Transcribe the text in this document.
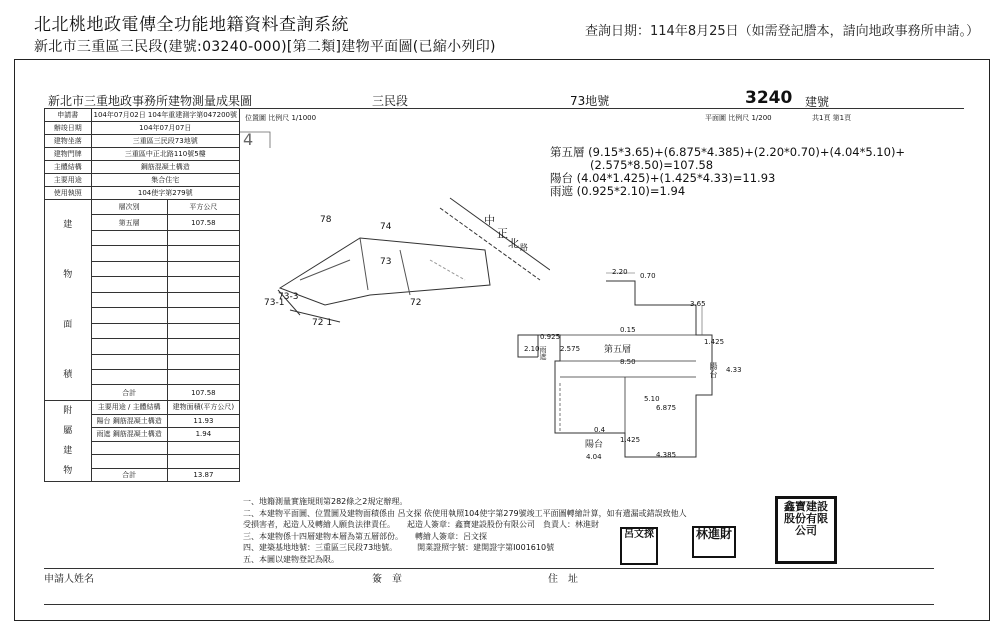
北北桃地政電傳全功能地籍資料查詢系統
新北市三重區三民段(建號:03240-000)[第二類]建物平面圖(已縮小列印)
查詢日期：114年8月25日（如需登記謄本，請向地政事務所申請。）
新北市三重地政事務所建物測量成果圖	三民段	73地號	3240 建號
位置圖 比例尺 1/1000	平面圖 比例尺 1/200	共1頁 第1頁
申請書	104年07月02日 104年重建測字第047200號	
辦竣日期	104年07月07日	
建物坐落	三重區三民段73地號	
建物門牌	三重區中正北路110號5樓	
主體結構	鋼筋混凝土構造	
主要用途	集合住宅	
使用執照	104使字第279號	

建
物
面
積	層次別	平方公尺
	第五層	107.58

	合計	107.58

附
屬
建
物	主要用途 / 主體結構	建物面積(平方公尺)
	陽台 鋼筋混凝土構造	11.93
	雨遮 鋼筋混凝土構造	1.94

	合計	13.87
第五層 (9.15*3.65)+(6.875*4.385)+(2.20*0.70)+(4.04*5.10)+
(2.575*8.50)=107.58
陽台 (4.04*1.425)+(1.425*4.33)=11.93
雨遮 (0.925*2.10)=1.94
4
78
74
73
72
73-3
73-1
72 1
中
正
北 路
2.20 0.70
3.65
0.15
0.925
2.10	2.575
1.425
8.50
4.33
5.10
6.875
0.4
1.425
4.04	4.385
第五層
陽台
陽台
雨遮
一、地籍測量實施規則第282條之2規定辦理。
二、本建物平面圖、位置圖及建物面積係由 呂文探 依使用執照104使字第279號竣工平面圖轉繪計算，如有遺漏或錯誤致他人
受損害者，起造人及轉繪人願負法律責任。　　起造人簽章：鑫寶建設股份有限公司　負責人：林進財
三、本建物係十四層建物本層為第五層部份。　　轉繪人簽章：呂文探
四、建築基地地號：三重區三民段73地號。　　　開業證照字號：建開證字第I001610號
五、本圖以建物登記為限。
呂文探	林進財
鑫寶建設股份有限公司
申請人姓名	簽　章	住　址
